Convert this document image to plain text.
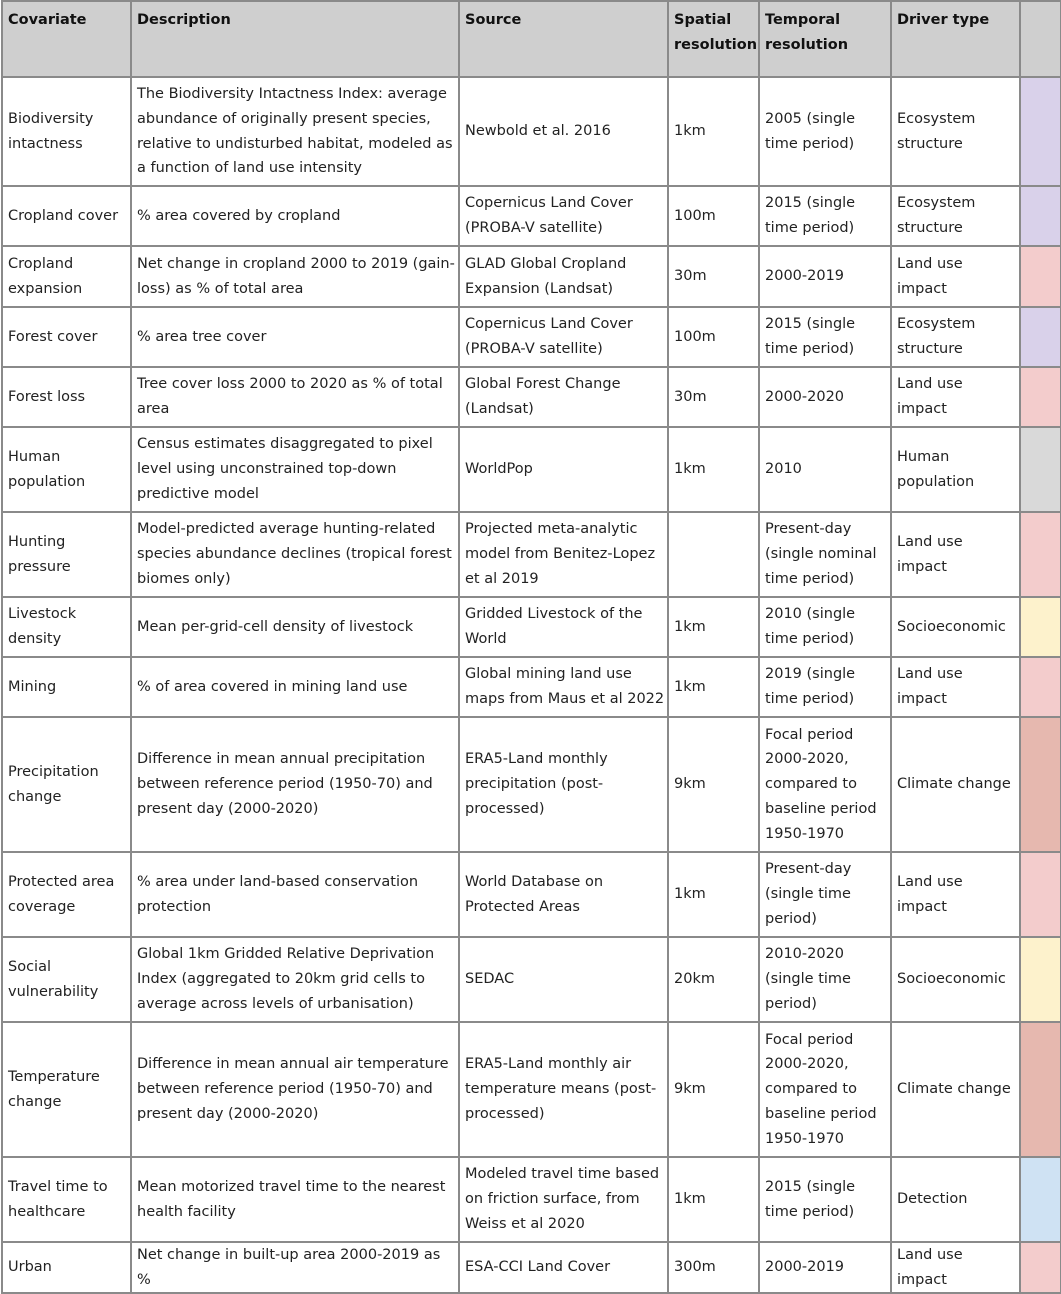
Covariate	Description	Source	Spatial resolution	Temporal resolution	Driver type	
Biodiversity intactness	The Biodiversity Intactness Index: average abundance of originally present species, relative to undisturbed habitat, modeled as a function of land use intensity	Newbold et al. 2016	1km	2005 (single time period)	Ecosystem structure	
Cropland cover	% area covered by cropland	Copernicus Land Cover (PROBA-V satellite)	100m	2015 (single time period)	Ecosystem structure	
Cropland expansion	Net change in cropland 2000 to 2019 (gain-loss) as % of total area	GLAD Global Cropland Expansion (Landsat)	30m	2000-2019	Land use impact	
Forest cover	% area tree cover	Copernicus Land Cover (PROBA-V satellite)	100m	2015 (single time period)	Ecosystem structure	
Forest loss	Tree cover loss 2000 to 2020 as % of total area	Global Forest Change (Landsat)	30m	2000-2020	Land use impact	
Human population	Census estimates disaggregated to pixel level using unconstrained top-down predictive model	WorldPop	1km	2010	Human population	
Hunting pressure	Model-predicted average hunting-related species abundance declines (tropical forest biomes only)	Projected meta-analytic model from Benitez-Lopez et al 2019		Present-day (single nominal time period)	Land use impact	
Livestock density	Mean per-grid-cell density of livestock	Gridded Livestock of the World	1km	2010 (single time period)	Socioeconomic	
Mining	% of area covered in mining land use	Global mining land use maps from Maus et al 2022	1km	2019 (single time period)	Land use impact	
Precipitation change	Difference in mean annual precipitation between reference period (1950-70) and present day (2000-2020)	ERA5-Land monthly precipitation (post-processed)	9km	Focal period 2000-2020, compared to baseline period 1950-1970	Climate change	
Protected area coverage	% area under land-based conservation protection	World Database on Protected Areas	1km	Present-day (single time period)	Land use impact	
Social vulnerability	Global 1km Gridded Relative Deprivation Index (aggregated to 20km grid cells to average across levels of urbanisation)	SEDAC	20km	2010-2020 (single time period)	Socioeconomic	
Temperature change	Difference in mean annual air temperature between reference period (1950-70) and present day (2000-2020)	ERA5-Land monthly air temperature means (post-processed)	9km	Focal period 2000-2020, compared to baseline period 1950-1970	Climate change	
Travel time to healthcare	Mean motorized travel time to the nearest health facility	Modeled travel time based on friction surface, from Weiss et al 2020	1km	2015 (single time period)	Detection	
Urban	Net change in built-up area 2000-2019 as %	ESA-CCI Land Cover	300m	2000-2019	Land use impact	
